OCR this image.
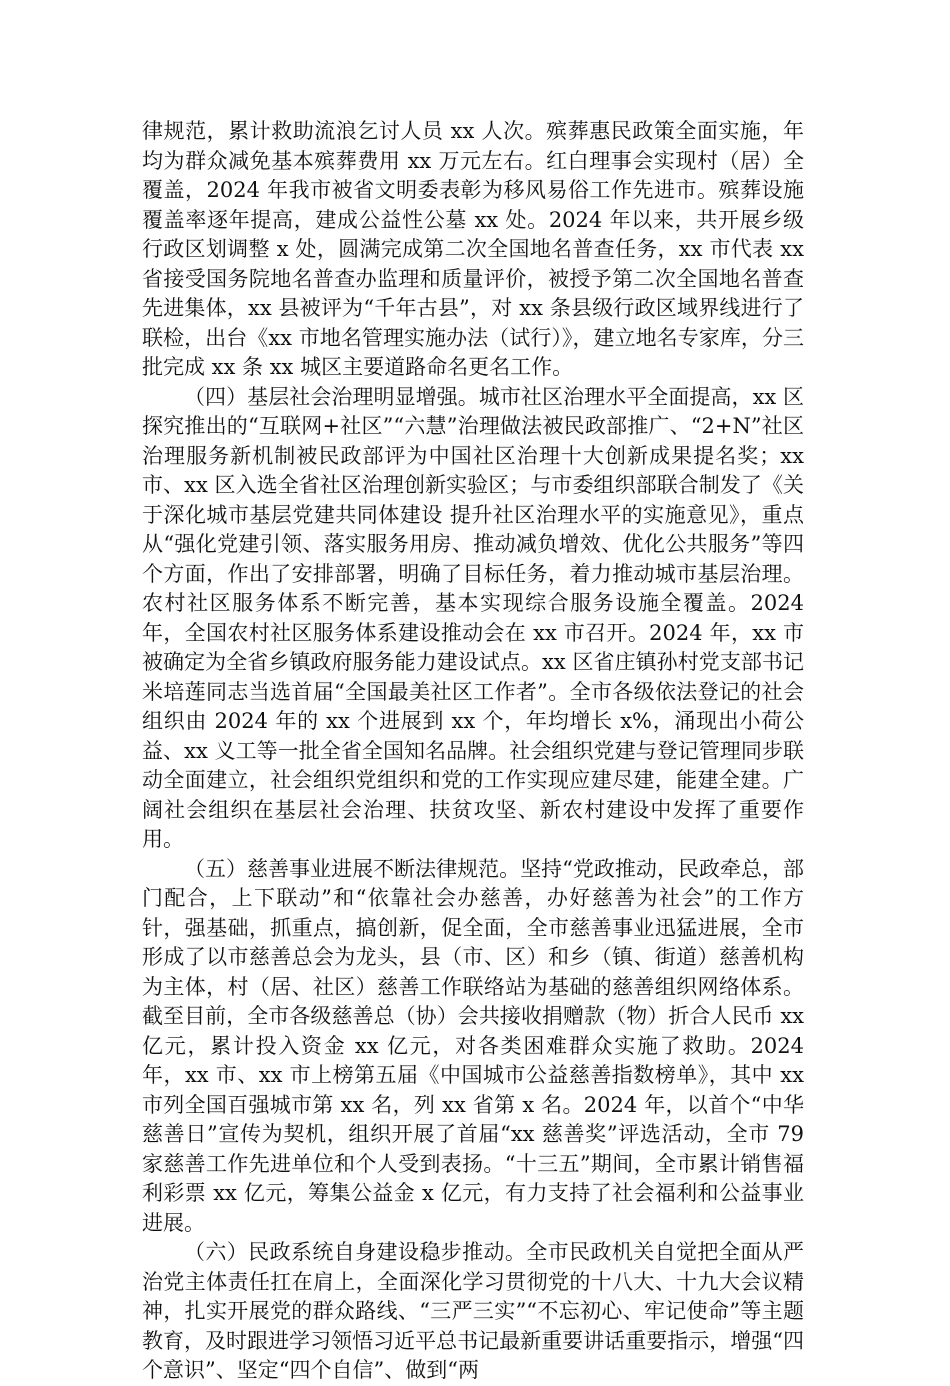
律规范，累计救助流浪乞讨人员 xx 人次。殡葬惠民政策全面实施，年均为群众减免基本殡葬费用 xx 万元左右。红白理事会实现村（居）全覆盖，2024 年我市被省文明委表彰为移风易俗工作先进市。殡葬设施覆盖率逐年提高，建成公益性公墓 xx 处。2024 年以来，共开展乡级行政区划调整 x 处，圆满完成第二次全国地名普查任务，xx 市代表 xx 省接受国务院地名普查办监理和质量评价，被授予第二次全国地名普查先进集体，xx 县被评为“千年古县”，对 xx 条县级行政区域界线进行了联检，出台《xx 市地名管理实施办法（试行）》，建立地名专家库，分三批完成 xx 条 xx 城区主要道路命名更名工作。

（四）基层社会治理明显增强。城市社区治理水平全面提高，xx 区探究推出的“互联网+社区”“六慧”治理做法被民政部推广、“2+N”社区治理服务新机制被民政部评为中国社区治理十大创新成果提名奖；xx 市、xx 区入选全省社区治理创新实验区；与市委组织部联合制发了《关于深化城市基层党建共同体建设 提升社区治理水平的实施意见》，重点从“强化党建引领、落实服务用房、推动减负增效、优化公共服务”等四个方面，作出了安排部署，明确了目标任务，着力推动城市基层治理。农村社区服务体系不断完善，基本实现综合服务设施全覆盖。2024 年，全国农村社区服务体系建设推动会在 xx 市召开。2024 年，xx 市被确定为全省乡镇政府服务能力建设试点。xx 区省庄镇孙村党支部书记米培莲同志当选首届“全国最美社区工作者”。全市各级依法登记的社会组织由 2024 年的 xx 个进展到 xx 个，年均增长 x%，涌现出小荷公益、xx 义工等一批全省全国知名品牌。社会组织党建与登记管理同步联动全面建立，社会组织党组织和党的工作实现应建尽建，能建全建。广阔社会组织在基层社会治理、扶贫攻坚、新农村建设中发挥了重要作用。

（五）慈善事业进展不断法律规范。坚持“党政推动，民政牵总，部门配合，上下联动”和“依靠社会办慈善，办好慈善为社会”的工作方针，强基础，抓重点，搞创新，促全面，全市慈善事业迅猛进展，全市形成了以市慈善总会为龙头，县（市、区）和乡（镇、街道）慈善机构为主体，村（居、社区）慈善工作联络站为基础的慈善组织网络体系。截至目前，全市各级慈善总（协）会共接收捐赠款（物）折合人民币 xx 亿元，累计投入资金 xx 亿元，对各类困难群众实施了救助。2024 年，xx 市、xx 市上榜第五届《中国城市公益慈善指数榜单》，其中 xx 市列全国百强城市第 xx 名，列 xx 省第 x 名。2024 年，以首个“中华慈善日”宣传为契机，组织开展了首届“xx 慈善奖”评选活动，全市 79 家慈善工作先进单位和个人受到表扬。“十三五”期间，全市累计销售福利彩票 xx 亿元，筹集公益金 x 亿元，有力支持了社会福利和公益事业进展。

（六）民政系统自身建设稳步推动。全市民政机关自觉把全面从严治党主体责任扛在肩上，全面深化学习贯彻党的十八大、十九大会议精神，扎实开展党的群众路线、“三严三实”“不忘初心、牢记使命”等主题教育，及时跟进学习领悟习近平总书记最新重要讲话重要指示，增强“四个意识”、坚定“四个自信”、做到“两
